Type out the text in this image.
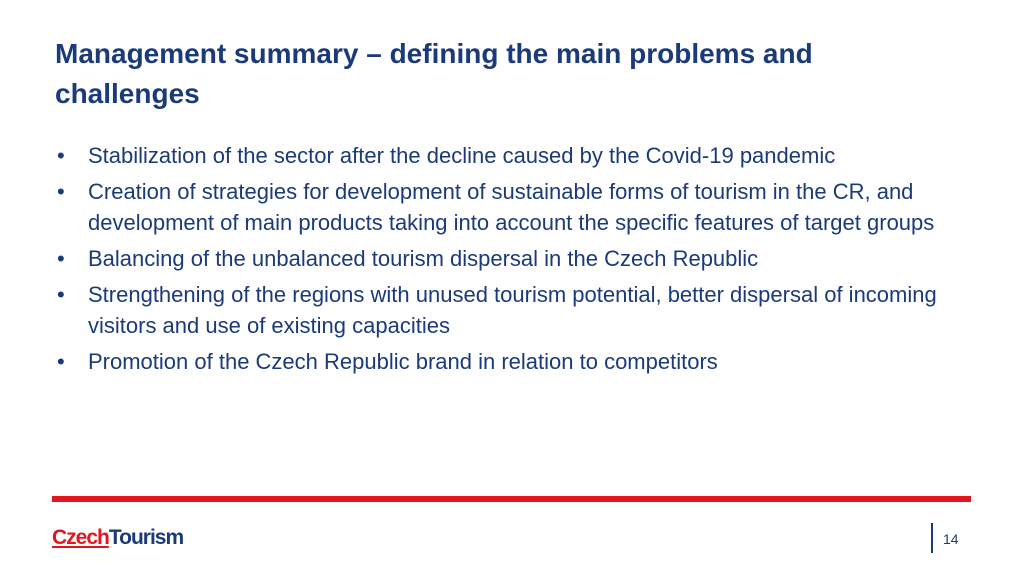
Management summary – defining the main problems and challenges
• Stabilization of the sector after the decline caused by the Covid-19 pandemic
• Creation of strategies for development of sustainable forms of tourism in the CR, and development of main products taking into account the specific features of target groups
• Balancing of the unbalanced tourism dispersal in the Czech Republic
• Strengthening of the regions with unused tourism potential, better dispersal of incoming visitors and use of existing capacities
• Promotion of the Czech Republic brand in relation to competitors
CzechTourism	14
